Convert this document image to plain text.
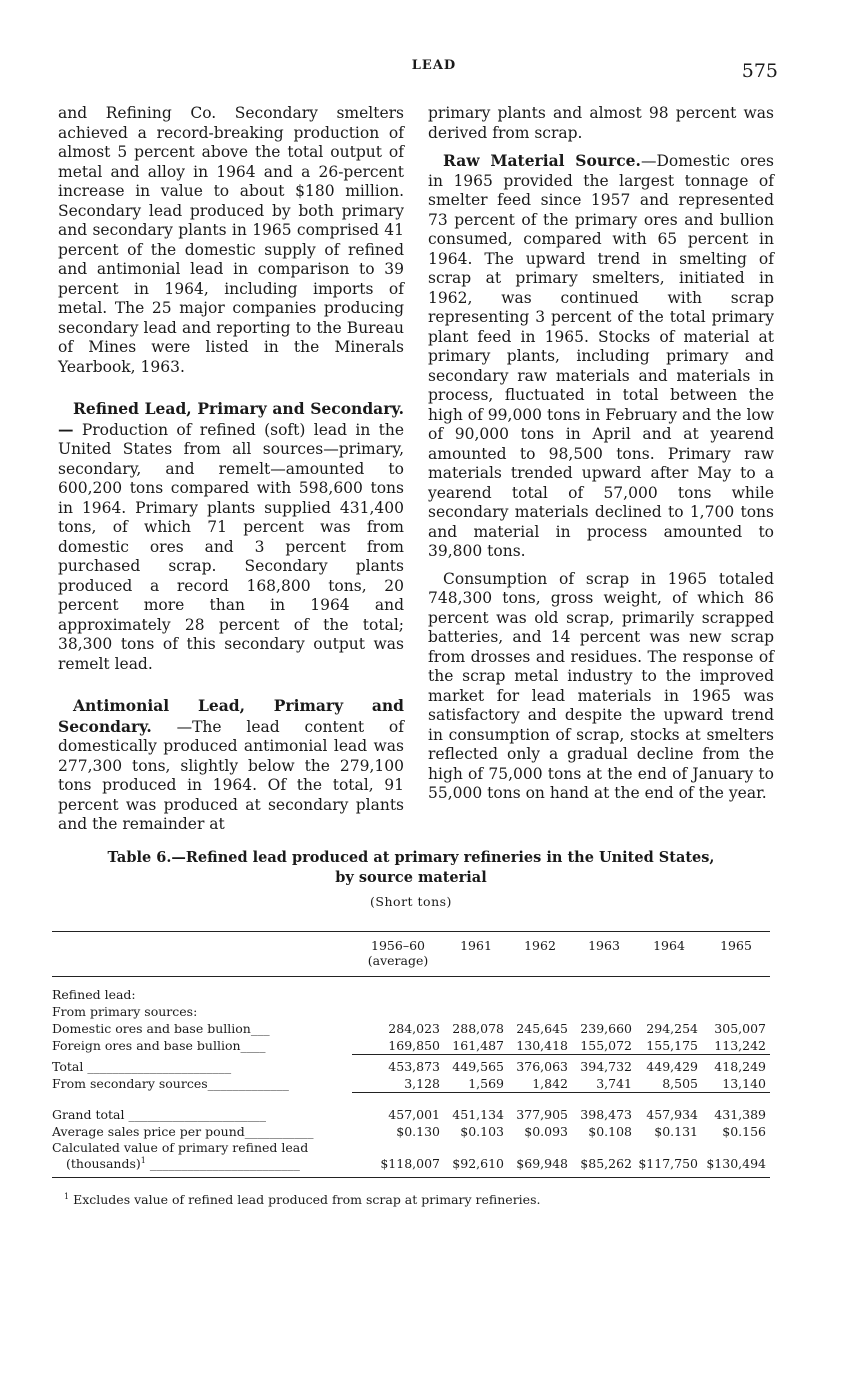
LEAD	575

and Refining Co. Secondary smelters achieved a record-breaking production of almost 5 percent above the total output of metal and alloy in 1964 and a 26-percent increase in value to about $180 million. Secondary lead produced by both primary and secondary plants in 1965 comprised 41 percent of the domestic supply of refined and antimonial lead in comparison to 39 percent in 1964, including imports of metal. The 25 major companies producing secondary lead and reporting to the Bureau of Mines were listed in the Minerals Yearbook, 1963.

Refined Lead, Primary and Secondary.— Production of refined (soft) lead in the United States from all sources—primary, secondary, and remelt—amounted to 600,200 tons compared with 598,600 tons in 1964. Primary plants supplied 431,400 tons, of which 71 percent was from domestic ores and 3 percent from purchased scrap. Secondary plants produced a record 168,800 tons, 20 percent more than in 1964 and approximately 28 percent of the total; 38,300 tons of this secondary output was remelt lead.

Antimonial Lead, Primary and Secondary. —The lead content of domestically produced antimonial lead was 277,300 tons, slightly below the 279,100 tons produced in 1964. Of the total, 91 percent was produced at secondary plants and the remainder at

primary plants and almost 98 percent was derived from scrap.

Raw Material Source.—Domestic ores in 1965 provided the largest tonnage of smelter feed since 1957 and represented 73 percent of the primary ores and bullion consumed, compared with 65 percent in 1964. The upward trend in smelting of scrap at primary smelters, initiated in 1962, was continued with scrap representing 3 percent of the total primary plant feed in 1965. Stocks of material at primary plants, including primary and secondary raw materials and materials in process, fluctuated in total between the high of 99,000 tons in February and the low of 90,000 tons in April and at yearend amounted to 98,500 tons. Primary raw materials trended upward after May to a yearend total of 57,000 tons while secondary materials declined to 1,700 tons and material in process amounted to 39,800 tons.

Consumption of scrap in 1965 totaled 748,300 tons, gross weight, of which 86 percent was old scrap, primarily scrapped batteries, and 14 percent was new scrap from drosses and residues. The response of the scrap metal industry to the improved market for lead materials in 1965 was satisfactory and despite the upward trend in consumption of scrap, stocks at smelters reflected only a gradual decline from the high of 75,000 tons at the end of January to 55,000 tons on hand at the end of the year.

Table 6.—Refined lead produced at primary refineries in the United States,
by source material
(Short tons)

	1956–60
(average)	1961	1962	1963	1964	1965
Refined lead:						
From primary sources:						
Domestic ores and base bullion___	284,023	288,078	245,645	239,660	294,254	305,007
Foreign ores and base bullion____	169,850	161,487	130,418	155,072	155,175	113,242
Total _______________________	453,873	449,565	376,063	394,732	449,429	418,249
From secondary sources_____________	3,128	1,569	1,842	3,741	8,505	13,140
Grand total ______________________	457,001	451,134	377,905	398,473	457,934	431,389
Average sales price per pound___________	$0.130	$0.103	$0.093	$0.108	$0.131	$0.156
Calculated value of primary refined lead						
(thousands)$^1$ ________________________	$118,007	$92,610	$69,948	$85,262	$117,750	$130,494
$^1$ Excludes value of refined lead produced from scrap at primary refineries.
